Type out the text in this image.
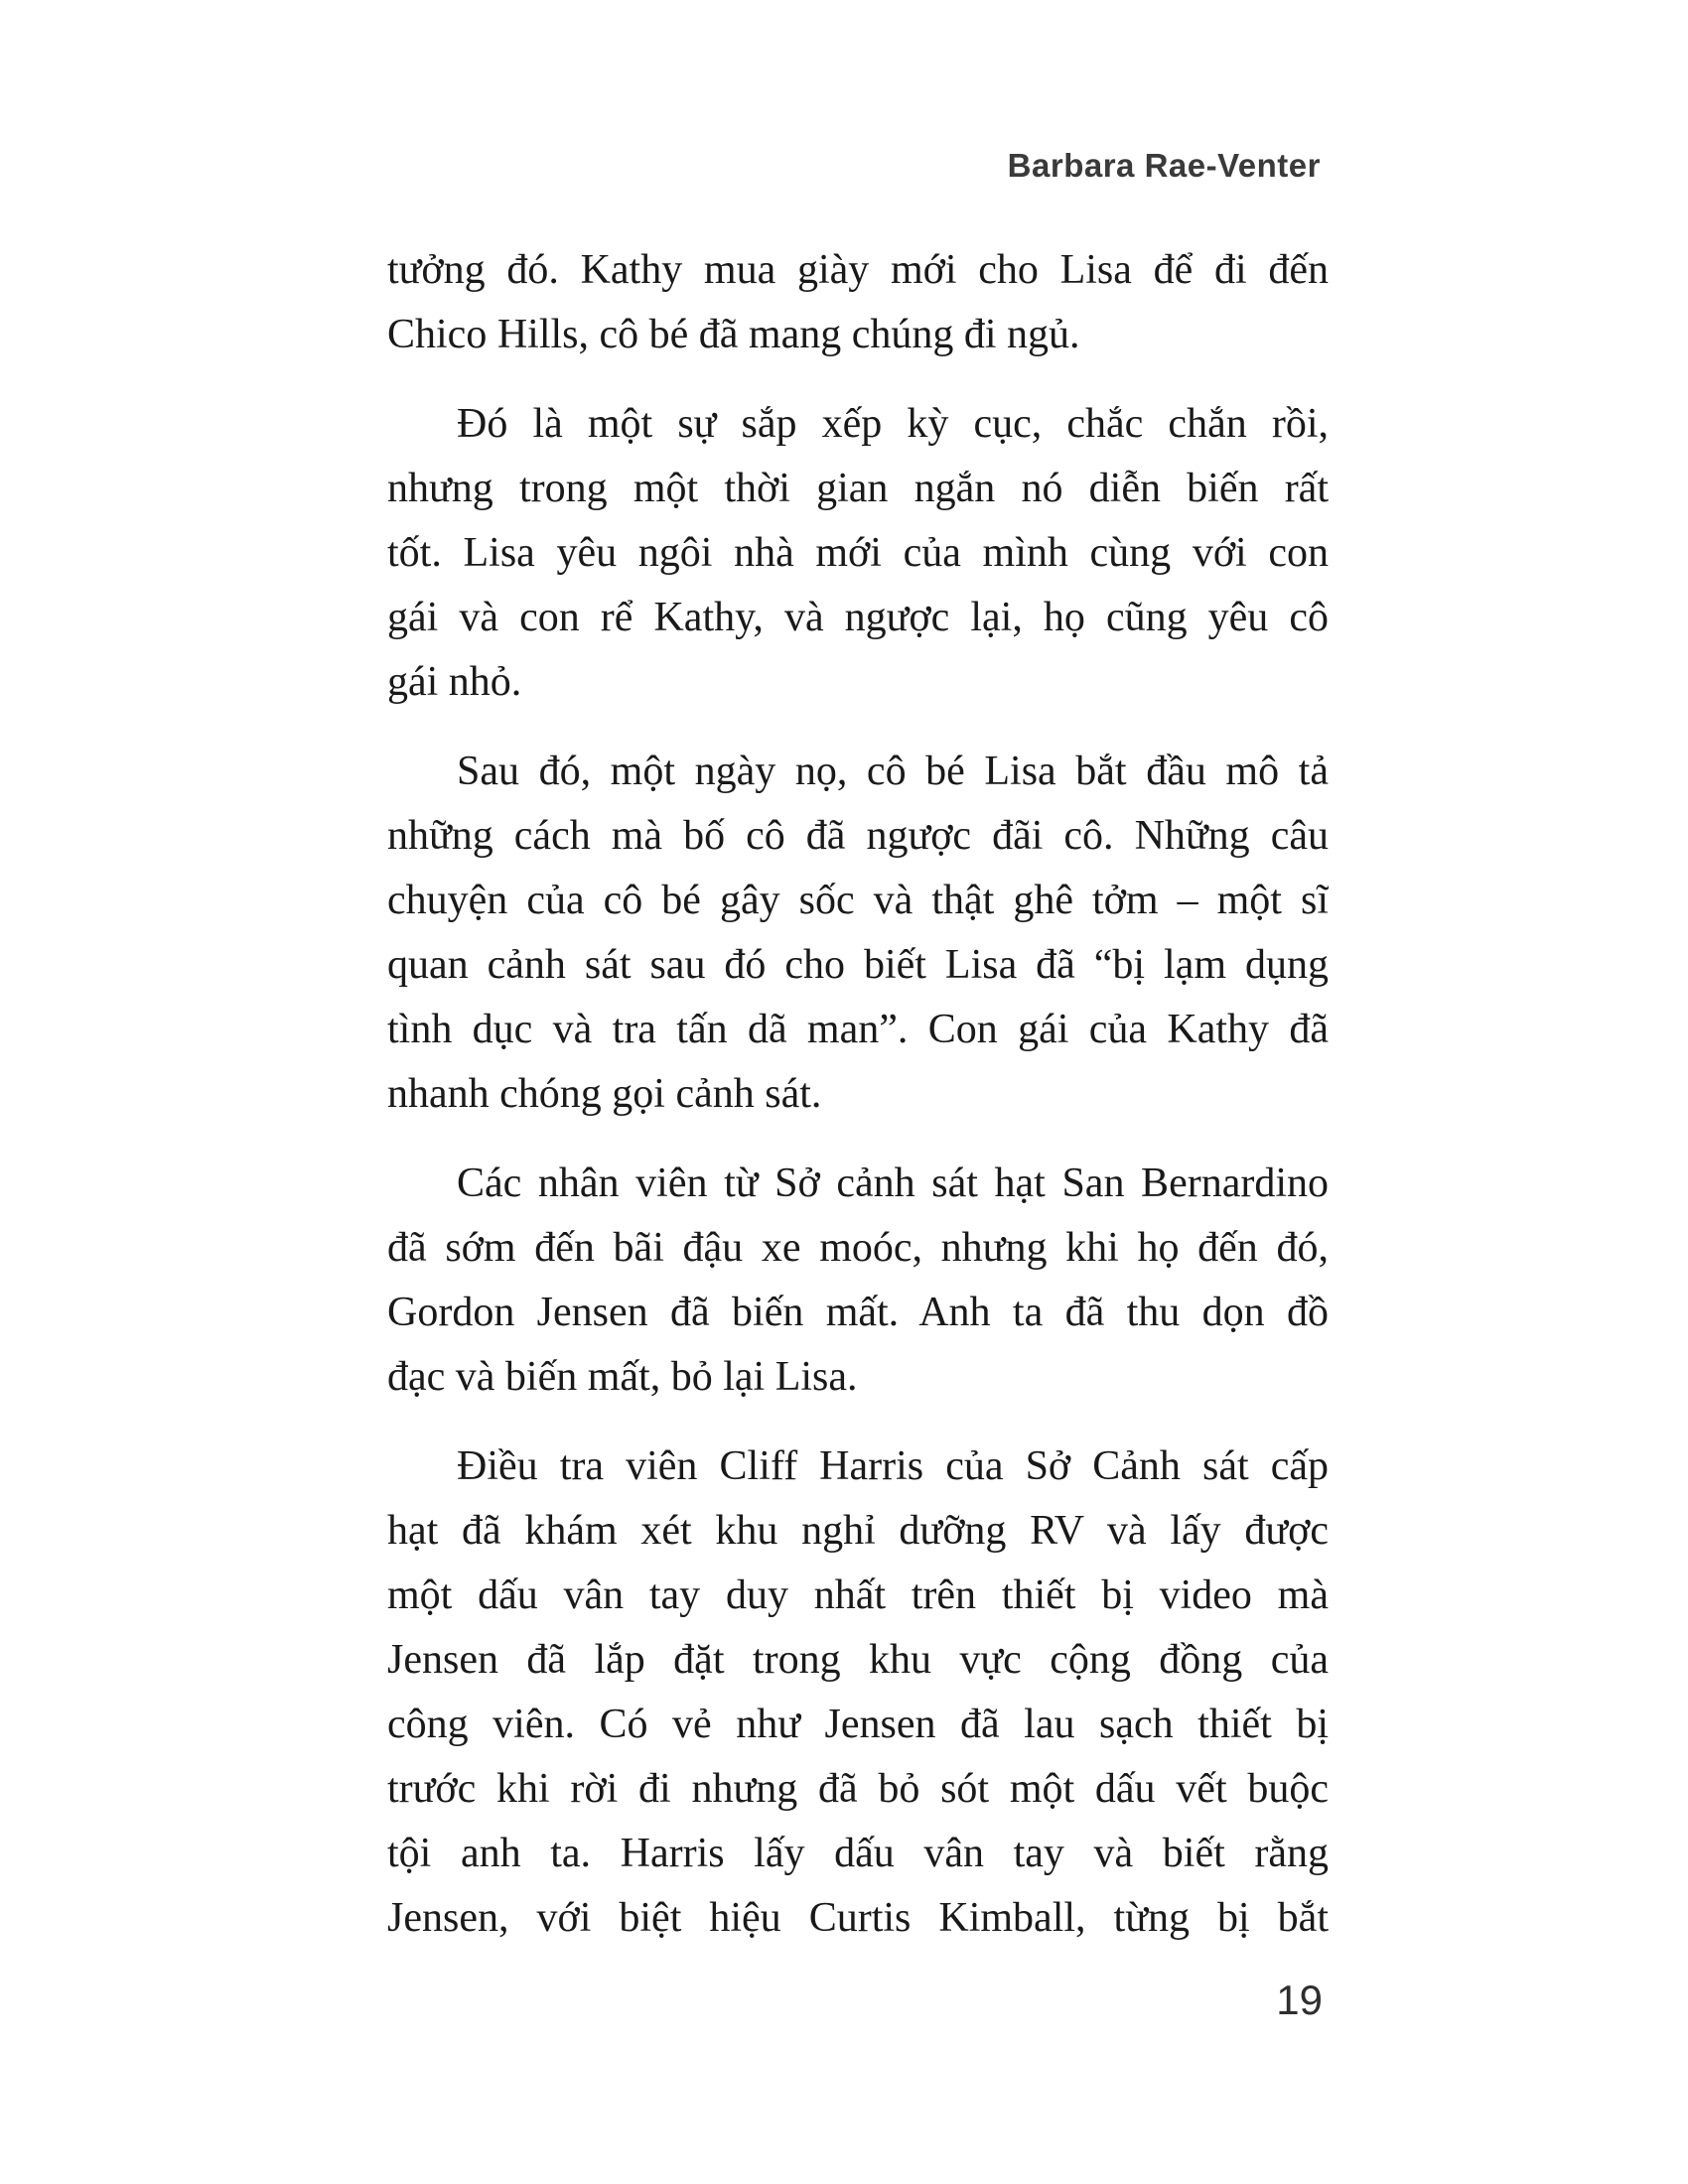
Barbara Rae-Venter
tưởng đó. Kathy mua giày mới cho Lisa để đi đến
Chico Hills, cô bé đã mang chúng đi ngủ.
Đó là một sự sắp xếp kỳ cục, chắc chắn rồi,
nhưng trong một thời gian ngắn nó diễn biến rất
tốt. Lisa yêu ngôi nhà mới của mình cùng với con
gái và con rể Kathy, và ngược lại, họ cũng yêu cô
gái nhỏ.
Sau đó, một ngày nọ, cô bé Lisa bắt đầu mô tả
những cách mà bố cô đã ngược đãi cô. Những câu
chuyện của cô bé gây sốc và thật ghê tởm – một sĩ
quan cảnh sát sau đó cho biết Lisa đã “bị lạm dụng
tình dục và tra tấn dã man”. Con gái của Kathy đã
nhanh chóng gọi cảnh sát.
Các nhân viên từ Sở cảnh sát hạt San Bernardino
đã sớm đến bãi đậu xe moóc, nhưng khi họ đến đó,
Gordon Jensen đã biến mất. Anh ta đã thu dọn đồ
đạc và biến mất, bỏ lại Lisa.
Điều tra viên Cliff Harris của Sở Cảnh sát cấp
hạt đã khám xét khu nghỉ dưỡng RV và lấy được
một dấu vân tay duy nhất trên thiết bị video mà
Jensen đã lắp đặt trong khu vực cộng đồng của
công viên. Có vẻ như Jensen đã lau sạch thiết bị
trước khi rời đi nhưng đã bỏ sót một dấu vết buộc
tội anh ta. Harris lấy dấu vân tay và biết rằng
Jensen, với biệt hiệu Curtis Kimball, từng bị bắt
19
